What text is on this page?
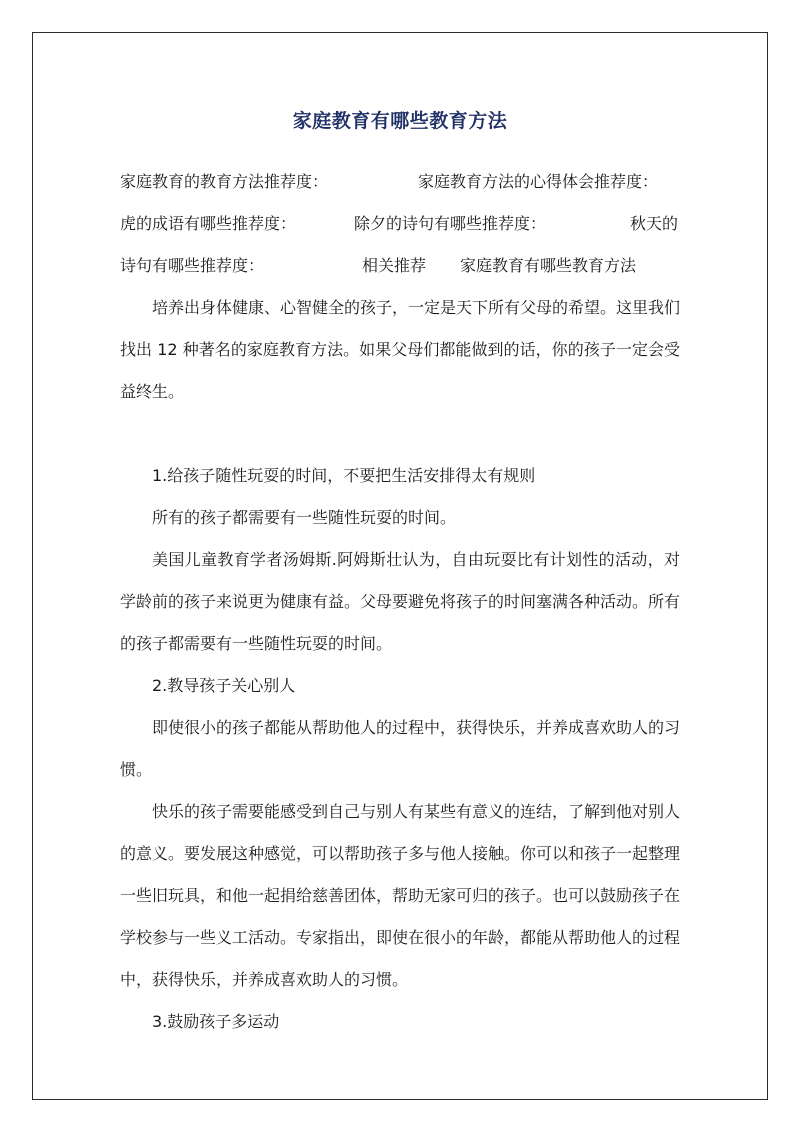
家庭教育有哪些教育方法
家庭教育的教育方法推荐度：	家庭教育方法的心得体会推荐度：
虎的成语有哪些推荐度：	除夕的诗句有哪些推荐度：	秋天的
诗句有哪些推荐度：	相关推荐 家庭教育有哪些教育方法
培养出身体健康、心智健全的孩子，一定是天下所有父母的希望。这里我们
找出 12 种著名的家庭教育方法。如果父母们都能做到的话，你的孩子一定会受
益终生。
1.给孩子随性玩耍的时间，不要把生活安排得太有规则
所有的孩子都需要有一些随性玩耍的时间。
美国儿童教育学者汤姆斯.阿姆斯壮认为，自由玩耍比有计划性的活动，对
学龄前的孩子来说更为健康有益。父母要避免将孩子的时间塞满各种活动。所有
的孩子都需要有一些随性玩耍的时间。
2.教导孩子关心别人
即使很小的孩子都能从帮助他人的过程中，获得快乐，并养成喜欢助人的习
惯。
快乐的孩子需要能感受到自己与别人有某些有意义的连结，了解到他对别人
的意义。要发展这种感觉，可以帮助孩子多与他人接触。你可以和孩子一起整理
一些旧玩具，和他一起捐给慈善团体，帮助无家可归的孩子。也可以鼓励孩子在
学校参与一些义工活动。专家指出，即使在很小的年龄，都能从帮助他人的过程
中，获得快乐，并养成喜欢助人的习惯。
3.鼓励孩子多运动
